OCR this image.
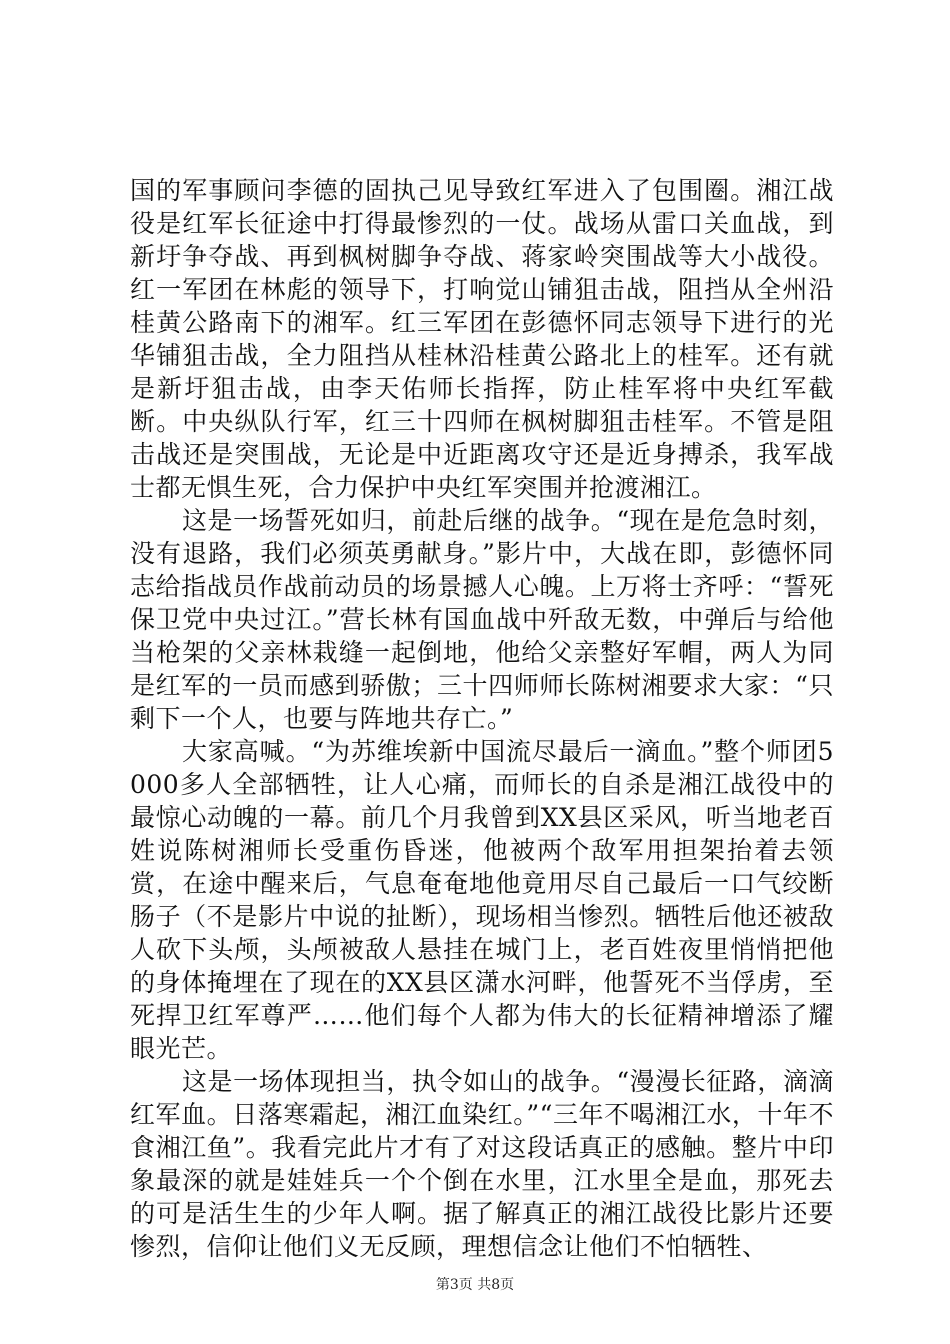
国的军事顾问李德的固执己见导致红军进入了包围圈。湘江战役是红军长征途中打得最惨烈的一仗。战场从雷口关血战，到新圩争夺战、再到枫树脚争夺战、蒋家岭突围战等大小战役。红一军团在林彪的领导下，打响觉山铺狙击战，阻挡从全州沿桂黄公路南下的湘军。红三军团在彭德怀同志领导下进行的光华铺狙击战，全力阻挡从桂林沿桂黄公路北上的桂军。还有就是新圩狙击战，由李天佑师长指挥，防止桂军将中央红军截断。中央纵队行军，红三十四师在枫树脚狙击桂军。不管是阻击战还是突围战，无论是中近距离攻守还是近身搏杀，我军战士都无惧生死，合力保护中央红军突围并抢渡湘江。

这是一场誓死如归，前赴后继的战争。“现在是危急时刻，没有退路，我们必须英勇献身。”影片中，大战在即，彭德怀同志给指战员作战前动员的场景撼人心魄。上万将士齐呼：“誓死保卫党中央过江。”营长林有国血战中歼敌无数，中弹后与给他当枪架的父亲林栽缝一起倒地，他给父亲整好军帽，两人为同是红军的一员而感到骄傲；三十四师师长陈树湘要求大家：“只剩下一个人，也要与阵地共存亡。”

大家高喊。“为苏维埃新中国流尽最后一滴血。”整个师团5000多人全部牺牲，让人心痛，而师长的自杀是湘江战役中的最惊心动魄的一幕。前几个月我曾到XX县区采风，听当地老百姓说陈树湘师长受重伤昏迷，他被两个敌军用担架抬着去领赏，在途中醒来后，气息奄奄地他竟用尽自己最后一口气绞断肠子（不是影片中说的扯断），现场相当惨烈。牺牲后他还被敌人砍下头颅，头颅被敌人悬挂在城门上，老百姓夜里悄悄把他的身体掩埋在了现在的XX县区潇水河畔，他誓死不当俘虏，至死捍卫红军尊严……他们每个人都为伟大的长征精神增添了耀眼光芒。

这是一场体现担当，执令如山的战争。“漫漫长征路，滴滴红军血。日落寒霜起，湘江血染红。”“三年不喝湘江水，十年不食湘江鱼”。我看完此片才有了对这段话真正的感触。整片中印象最深的就是娃娃兵一个个倒在水里，江水里全是血，那死去的可是活生生的少年人啊。据了解真正的湘江战役比影片还要惨烈，信仰让他们义无反顾，理想信念让他们不怕牺牲、

第3页 共8页
